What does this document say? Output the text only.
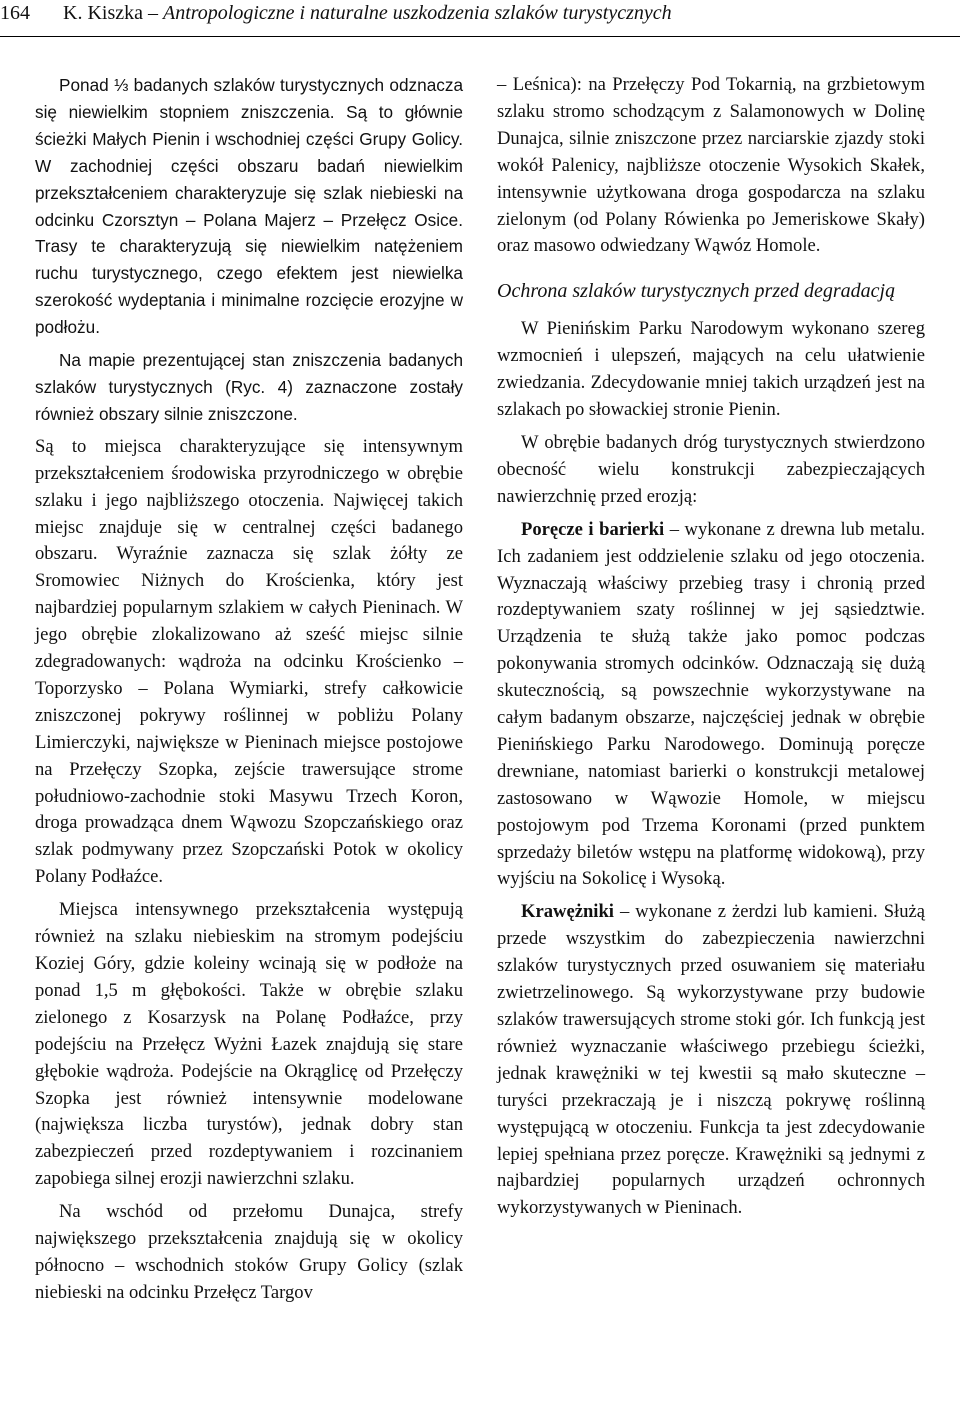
164 K. Kiszka – Antropologiczne i naturalne uszkodzenia szlaków turystycznych

Ponad ⅓ badanych szlaków turystycznych odznacza się niewielkim stopniem zniszczenia. Są to głównie ścieżki Małych Pienin i wschodniej części Grupy Golicy. W zachodniej części obszaru badań niewielkim przekształceniem charakteryzuje się szlak niebieski na odcinku Czorsztyn – Polana Majerz – Przełęcz Osice. Trasy te charakteryzują się niewielkim natężeniem ruchu turystycznego, czego efektem jest niewielka szerokość wydeptania i minimalne rozcięcie erozyjne w podłożu.

Na mapie prezentującej stan zniszczenia badanych szlaków turystycznych (Ryc. 4) zaznaczone zostały również obszary silnie zniszczone.

Są to miejsca charakteryzujące się intensywnym przekształceniem środowiska przyrodniczego w obrębie szlaku i jego najbliższego otoczenia. Najwięcej takich miejsc znajduje się w centralnej części badanego obszaru. Wyraźnie zaznacza się szlak żółty ze Sromowiec Niżnych do Krościenka, który jest najbardziej popularnym szlakiem w całych Pieninach. W jego obrębie zlokalizowano aż sześć miejsc silnie zdegradowanych: wądroża na odcinku Krościenko – Toporzysko – Polana Wymiarki, strefy całkowicie zniszczonej pokrywy roślinnej w pobliżu Polany Limierczyki, największe w Pieninach miejsce postojowe na Przełęczy Szopka, zejście trawersujące strome południowo-zachodnie stoki Masywu Trzech Koron, droga prowadząca dnem Wąwozu Szopczańskiego oraz szlak podmywany przez Szopczański Potok w okolicy Polany Podłaźce.

Miejsca intensywnego przekształcenia występują również na szlaku niebieskim na stromym podejściu Koziej Góry, gdzie koleiny wcinają się w podłoże na ponad 1,5 m głębokości. Także w obrębie szlaku zielonego z Kosarzysk na Polanę Podłaźce, przy podejściu na Przełęcz Wyżni Łazek znajdują się stare głębokie wądroża. Podejście na Okrąglicę od Przełęczy Szopka jest również intensywnie modelowane (największa liczba turystów), jednak dobry stan zabezpieczeń przed rozdeptywaniem i rozcinaniem zapobiega silnej erozji nawierzchni szlaku.

Na wschód od przełomu Dunajca, strefy największego przekształcenia znajdują się w okolicy północno – wschodnich stoków Grupy Golicy (szlak niebieski na odcinku Przełęcz Targov

– Leśnica): na Przełęczy Pod Tokarnią, na grzbietowym szlaku stromo schodzącym z Salamonowych w Dolinę Dunajca, silnie zniszczone przez narciarskie zjazdy stoki wokół Palenicy, najbliższe otoczenie Wysokich Skałek, intensywnie użytkowana droga gospodarcza na szlaku zielonym (od Polany Rówienka po Jemeriskowe Skały) oraz masowo odwiedzany Wąwóz Homole.

Ochrona szlaków turystycznych przed degradacją

W Pienińskim Parku Narodowym wykonano szereg wzmocnień i ulepszeń, mających na celu ułatwienie zwiedzania. Zdecydowanie mniej takich urządzeń jest na szlakach po słowackiej stronie Pienin.

W obrębie badanych dróg turystycznych stwierdzono obecność wielu konstrukcji zabezpieczających nawierzchnię przed erozją:

Poręcze i barierki – wykonane z drewna lub metalu. Ich zadaniem jest oddzielenie szlaku od jego otoczenia. Wyznaczają właściwy przebieg trasy i chronią przed rozdeptywaniem szaty roślinnej w jej sąsiedztwie. Urządzenia te służą także jako pomoc podczas pokonywania stromych odcinków. Odznaczają się dużą skutecznością, są powszechnie wykorzystywane na całym badanym obszarze, najczęściej jednak w obrębie Pienińskiego Parku Narodowego. Dominują poręcze drewniane, natomiast barierki o konstrukcji metalowej zastosowano w Wąwozie Homole, w miejscu postojowym pod Trzema Koronami (przed punktem sprzedaży biletów wstępu na platformę widokową), przy wyjściu na Sokolicę i Wysoką.

Krawężniki – wykonane z żerdzi lub kamieni. Służą przede wszystkim do zabezpieczenia nawierzchni szlaków turystycznych przed osuwaniem się materiału zwietrzelinowego. Są wykorzystywane przy budowie szlaków trawersujących strome stoki gór. Ich funkcją jest również wyznaczanie właściwego przebiegu ścieżki, jednak krawężniki w tej kwestii są mało skuteczne – turyści przekraczają je i niszczą pokrywę roślinną występującą w otoczeniu. Funkcja ta jest zdecydowanie lepiej spełniana przez poręcze. Krawężniki są jednymi z najbardziej popularnych urządzeń ochronnych wykorzystywanych w Pieninach.
